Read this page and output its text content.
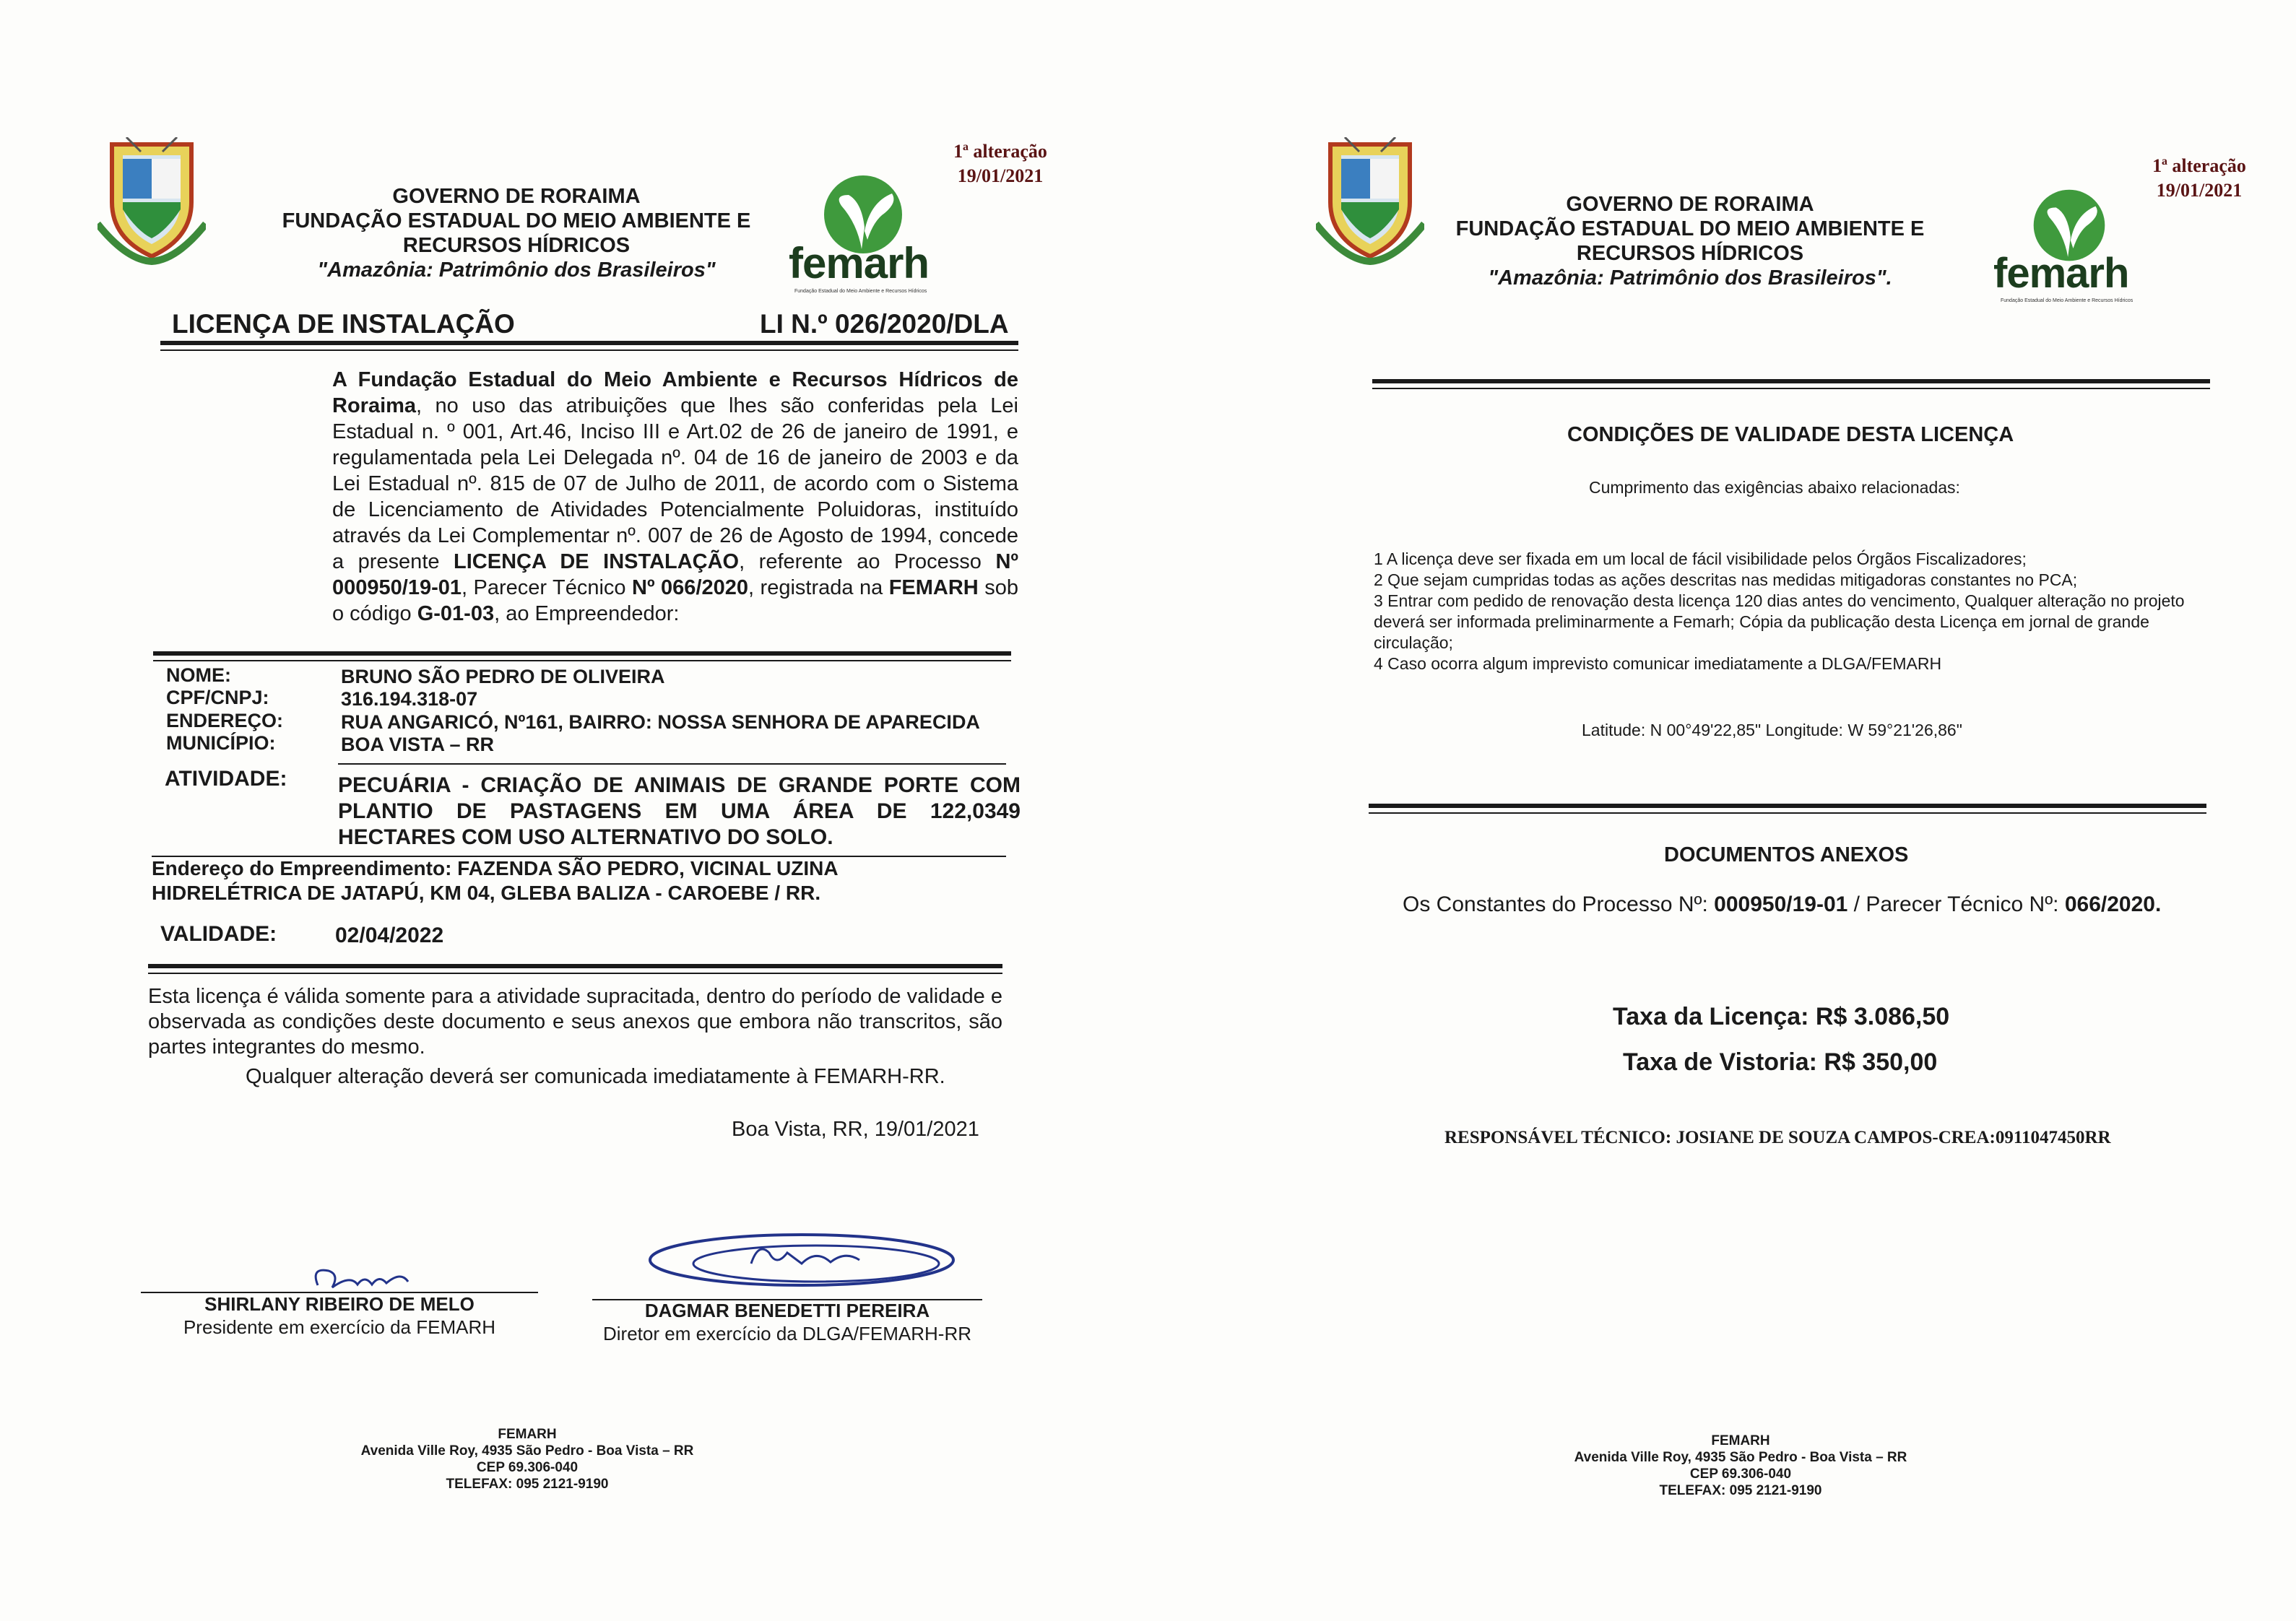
GOVERNO DE RORAIMA
FUNDAÇÃO ESTADUAL DO MEIO AMBIENTE E
RECURSOS HÍDRICOS
"Amazônia: Patrimônio dos Brasileiros"
1ª alteração
19/01/2021
femarh
Fundação Estadual do Meio Ambiente e Recursos Hídricos
LICENÇA DE INSTALAÇÃO	LI N.º 026/2020/DLA
A Fundação Estadual do Meio Ambiente e Recursos Hídricos de Roraima, no uso das atribuições que lhes são conferidas pela Lei Estadual n. º 001, Art.46, Inciso III e Art.02 de 26 de janeiro de 1991, e regulamentada pela Lei Delegada nº. 04 de 16 de janeiro de 2003 e da Lei Estadual nº. 815 de 07 de Julho de 2011, de acordo com o Sistema de Licenciamento de Atividades Potencialmente Poluidoras, instituído através da Lei Complementar nº. 007 de 26 de Agosto de 1994, concede a presente LICENÇA DE INSTALAÇÃO, referente ao Processo Nº 000950/19-01, Parecer Técnico Nº 066/2020, registrada na FEMARH sob o código G-01-03, ao Empreendedor:
NOME:	BRUNO SÃO PEDRO DE OLIVEIRA
CPF/CNPJ:	316.194.318-07
ENDEREÇO:	RUA ANGARICÓ, Nº161, BAIRRO: NOSSA SENHORA DE APARECIDA
MUNICÍPIO:	BOA VISTA – RR
ATIVIDADE: PECUÁRIA - CRIAÇÃO DE ANIMAIS DE GRANDE PORTE COM PLANTIO DE PASTAGENS EM UMA ÁREA DE 122,0349 HECTARES COM USO ALTERNATIVO DO SOLO.
Endereço do Empreendimento: FAZENDA SÃO PEDRO, VICINAL UZINA HIDRELÉTRICA DE JATAPÚ, KM 04, GLEBA BALIZA - CAROEBE / RR.
VALIDADE:	02/04/2022
Esta licença é válida somente para a atividade supracitada, dentro do período de validade e observada as condições deste documento e seus anexos que embora não transcritos, são partes integrantes do mesmo.
Qualquer alteração deverá ser comunicada imediatamente à FEMARH-RR.
Boa Vista, RR, 19/01/2021
SHIRLANY RIBEIRO DE MELO
Presidente em exercício da FEMARH
DAGMAR BENEDETTI PEREIRA
Diretor em exercício da DLGA/FEMARH-RR
FEMARH
Avenida Ville Roy, 4935 São Pedro - Boa Vista – RR
CEP 69.306-040
TELEFAX: 095 2121-9190
GOVERNO DE RORAIMA
FUNDAÇÃO ESTADUAL DO MEIO AMBIENTE E
RECURSOS HÍDRICOS
"Amazônia: Patrimônio dos Brasileiros".
1ª alteração
19/01/2021
femarh
Fundação Estadual do Meio Ambiente e Recursos Hídricos
CONDIÇÕES DE VALIDADE DESTA LICENÇA
Cumprimento das exigências abaixo relacionadas:
1 A licença deve ser fixada em um local de fácil visibilidade pelos Órgãos Fiscalizadores;
2 Que sejam cumpridas todas as ações descritas nas medidas mitigadoras constantes no PCA;
3 Entrar com pedido de renovação desta licença 120 dias antes do vencimento, Qualquer alteração no projeto deverá ser informada preliminarmente a Femarh; Cópia da publicação desta Licença em jornal de grande circulação;
4 Caso ocorra algum imprevisto comunicar imediatamente a DLGA/FEMARH
Latitude: N 00°49'22,85" Longitude: W 59°21'26,86"
DOCUMENTOS ANEXOS
Os Constantes do Processo Nº: 000950/19-01 / Parecer Técnico Nº: 066/2020.
Taxa da Licença: R$ 3.086,50
Taxa de Vistoria: R$ 350,00
RESPONSÁVEL TÉCNICO: JOSIANE DE SOUZA CAMPOS-CREA:0911047450RR
FEMARH
Avenida Ville Roy, 4935 São Pedro - Boa Vista – RR
CEP 69.306-040
TELEFAX: 095 2121-9190
